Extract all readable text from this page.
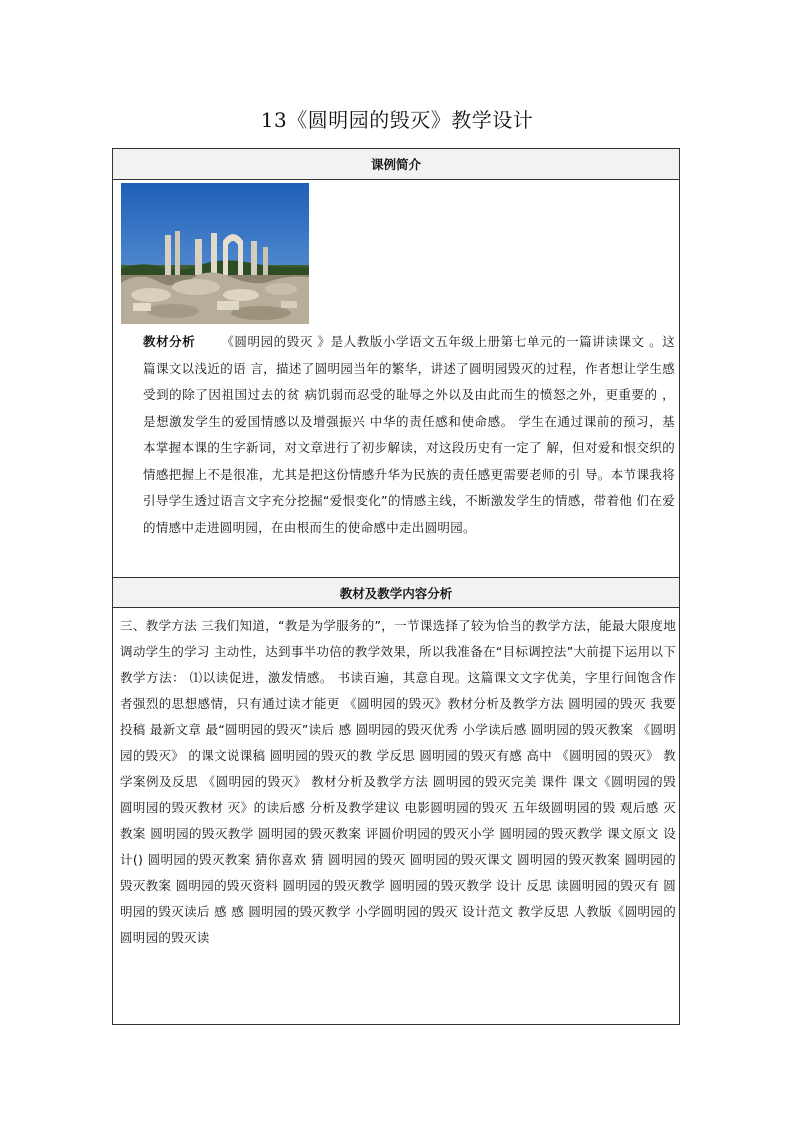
13《圆明园的毁灭》教学设计
课例简介
教材分析 《圆明园的毁灭 》是人教版小学语文五年级上册第七单元的一篇讲读课文 。这篇课文以浅近的语 言，描述了圆明园当年的繁华，讲述了圆明园毁灭的过程，作者想让学生感受到的除了因祖国过去的贫 病饥弱而忍受的耻辱之外以及由此而生的愤怒之外，更重要的 ，是想激发学生的爱国情感以及增强振兴 中华的责任感和使命感。 学生在通过课前的预习，基本掌握本课的生字新词，对文章进行了初步解读，对这段历史有一定了 解，但对爱和恨交织的情感把握上不是很准，尤其是把这份情感升华为民族的责任感更需要老师的引 导。本节课我将引导学生透过语言文字充分挖掘“爱恨变化”的情感主线，不断激发学生的情感，带着他 们在爱的情感中走进圆明园，在由根而生的使命感中走出圆明园。
教材及教学内容分析
三、教学方法 三我们知道，“教是为学服务的”，一节课选择了较为恰当的教学方法，能最大限度地调动学生的学习 主动性，达到事半功倍的教学效果，所以我准备在“目标调控法”大前提下运用以下教学方法： ⑴以读促进，激发情感。 书读百遍，其意自现。这篇课文文字优美，字里行间饱含作者强烈的思想感情，只有通过读才能更 《圆明园的毁灭》教材分析及教学方法 圆明园的毁灭 我要投稿 最新文章 最“圆明园的毁灭”读后 感 圆明园的毁灭优秀 小学读后感 圆明园的毁灭教案 《圆明园的毁灭》 的课文说课稿 圆明园的毁灭的教 学反思 圆明园的毁灭有感 高中 《圆明园的毁灭》 教学案例及反思 《圆明园的毁灭》 教材分析及教学方法 圆明园的毁灭完美 课件 课文《圆明园的毁 圆明园的毁灭教材 灭》的读后感 分析及教学建议 电影圆明园的毁灭 五年级圆明园的毁 观后感 灭教案 圆明园的毁灭教学 圆明园的毁灭教案 评圆价明园的毁灭小学 圆明园的毁灭教学 课文原文 设计() 圆明园的毁灭教案 猜你喜欢 猜 圆明园的毁灭 圆明园的毁灭课文 圆明园的毁灭教案 圆明园的毁灭教案 圆明园的毁灭资料 圆明园的毁灭教学 圆明园的毁灭教学 设计 反思 读圆明园的毁灭有 圆明园的毁灭读后 感 感 圆明园的毁灭教学 小学圆明园的毁灭 设计范文 教学反思 人教版《圆明园的 圆明园的毁灭读
